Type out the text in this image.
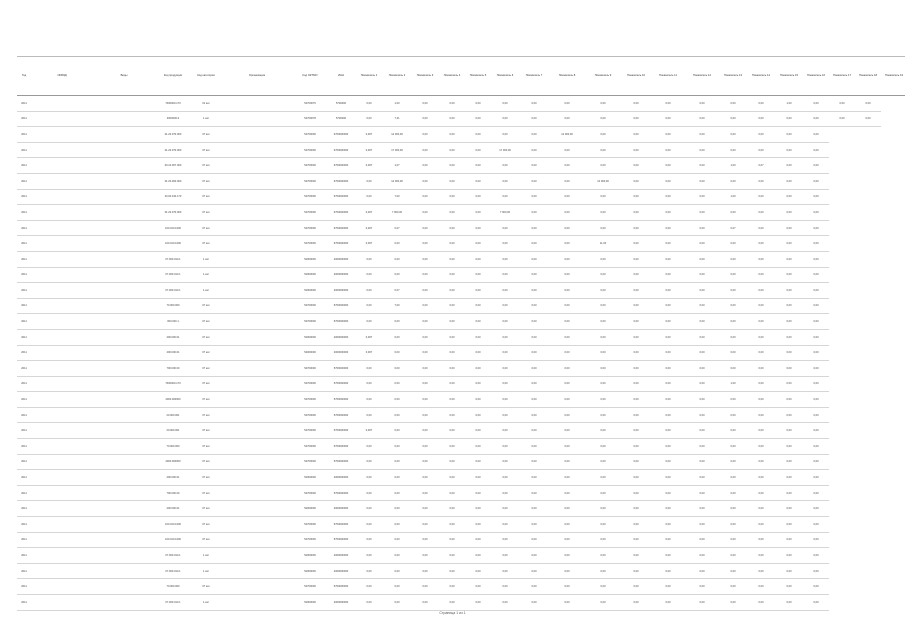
Год	ОКВЭД	Виды	Код продукции	Код категории	Организация	Код ОКТМО	ИНН	Показатель 1	Показатель 2	Показатель 3	Показатель 4	Показатель 5	Показатель 6	Показатель 7	Показатель 8	Показатель 9	Показатель 10	Показатель 11	Показатель 12	Показатель 13	Показатель 14	Показатель 15	Показатель 16	Показатель 17	Показатель 18	Показатель 19
2011			7000000-170	01 кат		54700076	5700000	0,00	1,00	0,00	0,00	0,00	0,00	0,00	0,00	0,00	0,00	0,00	0,00	0,00	0,00	1,00	0,00	0,00	0,00	
2011			4000000-0	1 кат		54700078	5700000	0,00	7,41	0,00	0,00	0,00	0,00	0,00	0,00	0,00	0,00	0,00	0,00	0,00	0,00	0,00	0,00	0,00	0,00	
2011			01.20.070.000	07 кат		54700000	6700000000	0,007	14 000,00	0,00	0,00	0,00	0,00	0,00	14 000,00	0,00	0,00	0,00	0,00	0,00	0,00	0,00	0,00			
2011			01.20.070.000	07 кат		54700000	6700000000	0,007	17 000,00	0,00	0,00	0,00	17 000,00	0,00	0,00	0,00	0,00	0,00	0,00	0,00	0,00	0,00	0,00			
2011			00.10.007.000	07 кат		54700000	6700000000	0,007	1,07	0,00	0,00	0,00	0,00	0,00	0,00	0,00	0,00	0,00	0,00	1,00	0,07	0,00	0,00			
2011			01.20.000.000	07 кат		54700000	6700000000	0,00	14 000,00	0,00	0,00	0,00	0,00	0,00	0,00	14 000,00	0,00	0,00	0,00	0,00	0,00	0,00	0,00			
2011			20.00.010.170	07 кат		54700000	5700000000	0,00	7,00	0,00	0,00	0,00	0,00	0,00	0,00	0,00	0,00	0,00	0,00	1,00	0,00	0,00	0,00			
2011			01.20.070.000	07 кат		54700000	6700000000	0,007	7 000,00	0,00	0,00	0,00	7 000,00	0,00	0,00	0,00	0,00	0,00	0,00	0,00	0,00	0,00	0,00			
2011			100.010.1000	07 кат		54700000	6700000000	0,007	0,07	0,00	0,00	0,00	0,00	0,00	0,00	0,00	0,00	0,00	0,00	0,07	0,00	0,00	0,00			
2011			100.010.1000	07 кат		54700000	6700000000	0,007	0,00	0,00	0,00	0,00	0,00	0,00	0,00	11,00	0,00	0,00	0,00	0,00	0,00	0,00	0,00			
2011			07.000.010.1	1 кат		54000000	2000000000	0,00	0,00	0,00	0,00	0,00	0,00	0,00	0,00	0,00	0,00	0,00	0,00	0,00	0,00	0,00	0,00			
2011			07.000.010.1	1 кат		54000000	2000000000	0,00	0,00	0,00	0,00	0,00	0,00	0,00	0,00	0,00	0,00	0,00	0,00	0,00	0,00	0,00	0,00			
2011			07.000.010.1	1 кат		54000000	2000000000	0,00	0,07	0,00	0,00	0,00	0,00	0,00	0,00	0,00	0,00	0,00	0,00	0,00	0,00	0,00	0,00			
2011			70.000.000	07 кат		54700000	5700000000	0,00	7,00	0,00	0,00	0,00	0,00	0,00	0,00	0,00	0,00	0,00	0,00	0,00	0,00	0,00	0,00			
2011			000.000.1	07 кат		54700000	5700000000	0,00	0,00	0,00	0,00	0,00	0,00	0,00	0,00	0,00	0,00	0,00	0,00	0,00	0,00	0,00	0,00			
2011			400.000.01	07 кат		54000000	2000000000	0,007	0,00	0,00	0,00	0,00	0,00	0,00	0,00	0,00	0,00	0,00	0,00	0,00	0,00	0,00	0,00			
2011			400.000.01	07 кат		54000000	2000000000	0,007	0,00	0,00	0,00	0,00	0,00	0,00	0,00	0,00	0,00	0,00	0,00	0,00	0,00	0,00	0,00			
2011			700.000.00	07 кат		54700000	5700000000	0,00	0,00	0,00	0,00	0,00	0,00	0,00	0,00	0,00	0,00	0,00	0,00	0,00	0,00	0,00	0,00			
2011			7000000-170	07 кат		54700000	5700000000	0,00	0,00	0,00	0,00	0,00	0,00	0,00	0,00	0,00	0,00	0,00	0,00	1,00	0,00	0,00	0,00			
2011			4000.000000	07 кат		54700000	5700000000	0,00	0,00	0,00	0,00	0,00	0,00	0,00	0,00	0,00	0,00	0,00	0,00	0,00	0,00	0,00	0,00			
2011			20.000.001	07 кат		54700000	5700000000	0,00	0,00	0,00	0,00	0,00	0,00	0,00	0,00	0,00	0,00	0,00	0,00	0,00	0,00	0,00	0,00			
2011			20.000.001	07 кат		54700000	5700000000	0,007	0,00	0,00	0,00	0,00	0,00	0,00	0,00	0,00	0,00	0,00	0,00	0,00	0,00	0,00	0,00			
2011			70.000.000	07 кат		54700000	5700000000	0,00	0,00	0,00	0,00	0,00	0,00	0,00	0,00	0,00	0,00	0,00	0,00	0,00	0,00	0,00	0,00			
2011			4000.000000	07 кат		54700000	5700000000	0,00	0,00	0,00	0,00	0,00	0,00	0,00	0,00	0,00	0,00	0,00	0,00	0,00	0,00	0,00	0,00			
2011			400.000.01	07 кат		54000000	2000000000	0,00	0,00	0,00	0,00	0,00	0,00	0,00	0,00	0,00	0,00	0,00	0,00	0,00	0,00	0,00	0,00			
2011			700.000.00	07 кат		54700000	5700000000	0,00	0,00	0,00	0,00	0,00	0,00	0,00	0,00	0,00	0,00	0,00	0,00	0,00	0,00	0,00	0,00			
2011			400.000.01	07 кат		54000000	2000000000	0,00	0,00	0,00	0,00	0,00	0,00	0,00	0,00	0,00	0,00	0,00	0,00	0,00	0,00	0,00	0,00			
2011			100.010.1000	07 кат		54700000	5700000000	0,00	0,00	0,00	0,00	0,00	0,00	0,00	0,00	0,00	0,00	0,00	0,00	0,00	0,00	0,00	0,00			
2011			100.010.1000	07 кат		54700000	5700000000	0,00	0,00	0,00	0,00	0,00	0,00	0,00	0,00	0,00	0,00	0,00	0,00	0,00	0,00	0,00	0,00			
2011			07.000.010.1	1 кат		54000000	2000000000	0,00	0,00	0,00	0,00	0,00	0,00	0,00	0,00	0,00	0,00	0,00	0,00	0,00	0,00	0,00	0,00			
2011			07.000.010.1	1 кат		54000000	2000000000	0,00	0,00	0,00	0,00	0,00	0,00	0,00	0,00	0,00	0,00	0,00	0,00	0,00	0,00	0,00	0,00			
2011			70.000.000	07 кат		54700000	5700000000	0,00	0,00	0,00	0,00	0,00	0,00	0,00	0,00	0,00	0,00	0,00	0,00	0,00	0,00	0,00	0,00			
2011			07.000.010.1	1 кат		54000000	2000000000	0,00	0,00	0,00	0,00	0,00	0,00	0,00	0,00	0,00	0,00	0,00	0,00	0,00	0,00	0,00	0,00			
Страница 1 из 1
